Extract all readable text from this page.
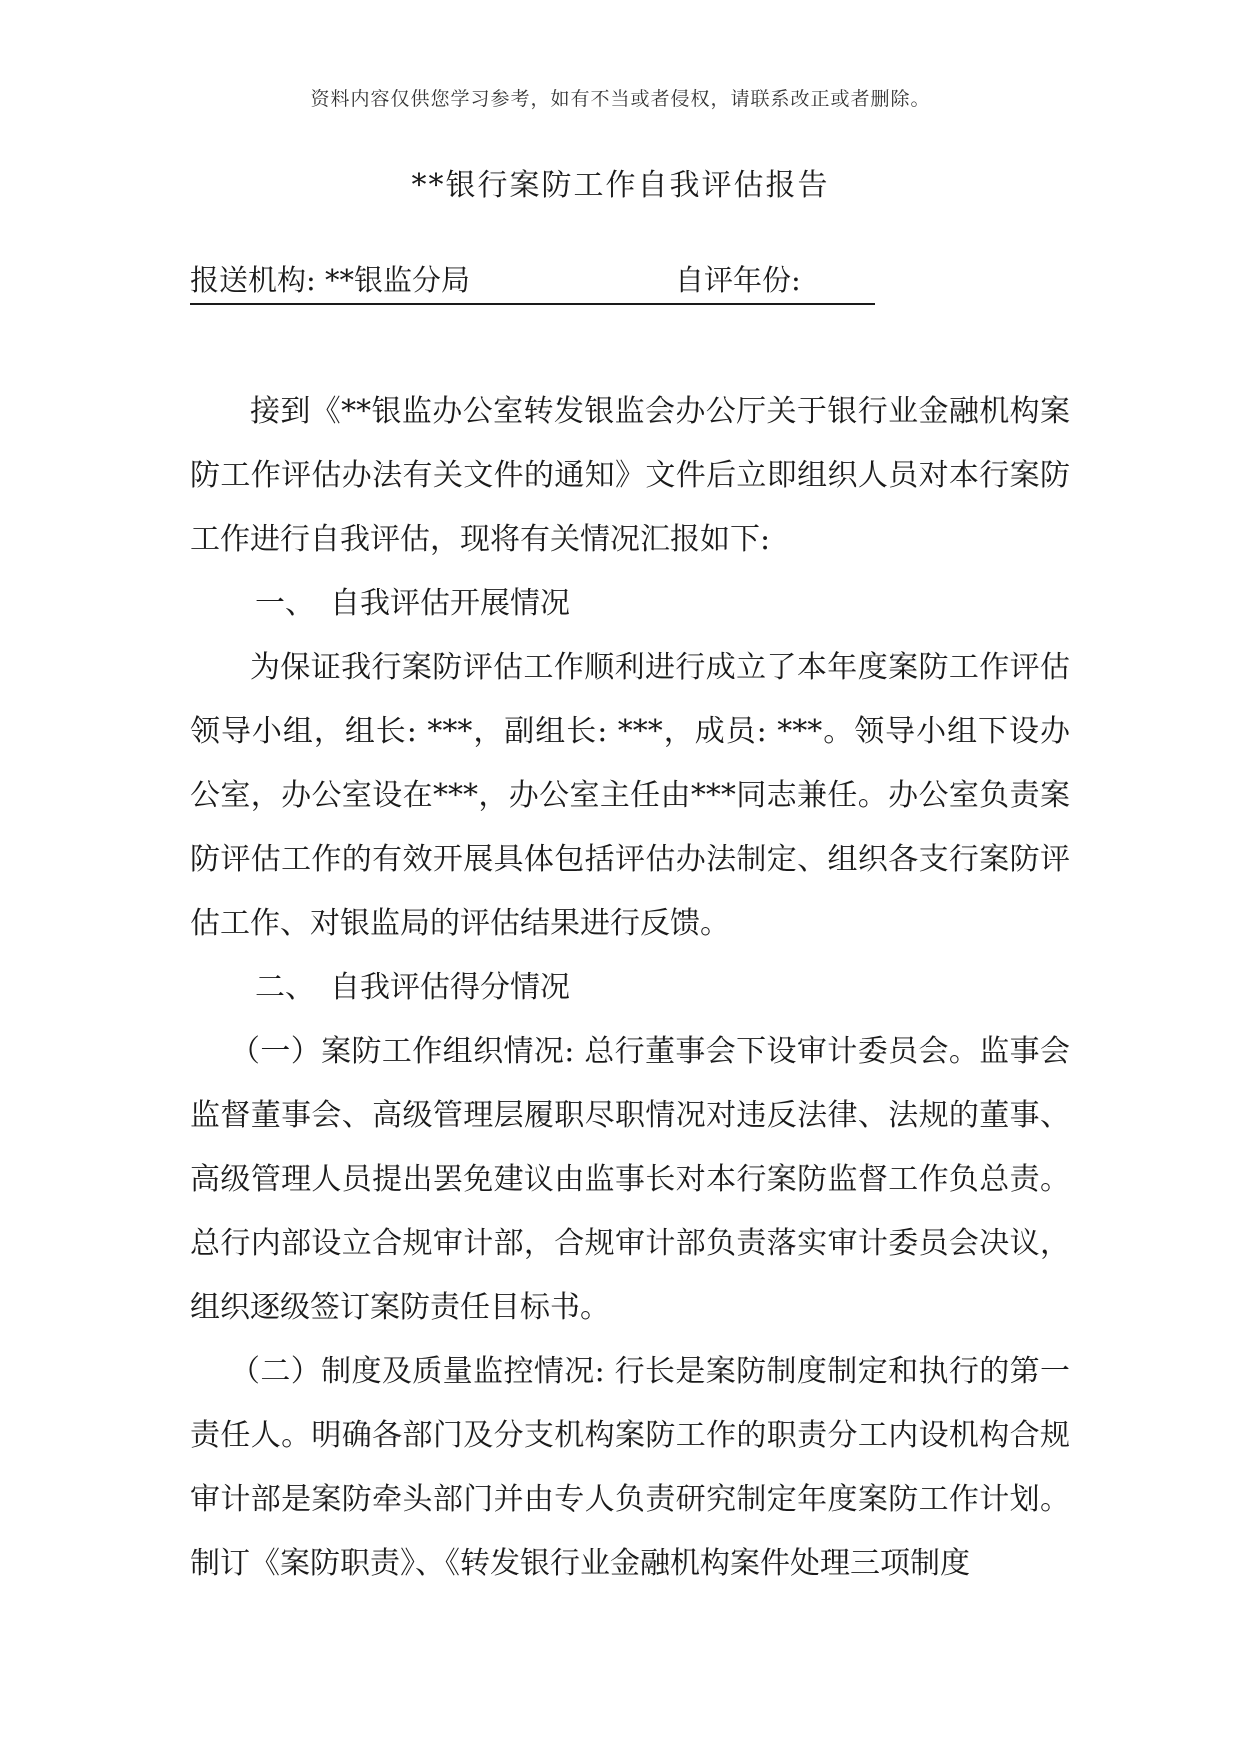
资料内容仅供您学习参考，如有不当或者侵权，请联系改正或者删除。
**银行案防工作自我评估报告
报送机构: **银监分局	自评年份:

接到《**银监办公室转发银监会办公厅关于银行业金融机构案防工作评估办法有关文件的通知》文件后立即组织人员对本行案防工作进行自我评估，现将有关情况汇报如下:

一、 自我评估开展情况

为保证我行案防评估工作顺利进行成立了本年度案防工作评估领导小组，组长: ***，副组长: ***，成员: ***。领导小组下设办公室，办公室设在***，办公室主任由***同志兼任。办公室负责案防评估工作的有效开展具体包括评估办法制定、组织各支行案防评估工作、对银监局的评估结果进行反馈。

二、 自我评估得分情况

（一）案防工作组织情况: 总行董事会下设审计委员会。监事会监督董事会、高级管理层履职尽职情况对违反法律、法规的董事、高级管理人员提出罢免建议由监事长对本行案防监督工作负总责。总行内部设立合规审计部，合规审计部负责落实审计委员会决议，组织逐级签订案防责任目标书。

（二）制度及质量监控情况: 行长是案防制度制定和执行的第一责任人。明确各部门及分支机构案防工作的职责分工内设机构合规审计部是案防牵头部门并由专人负责研究制定年度案防工作计划。制订《案防职责》、《转发银行业金融机构案件处理三项制度
